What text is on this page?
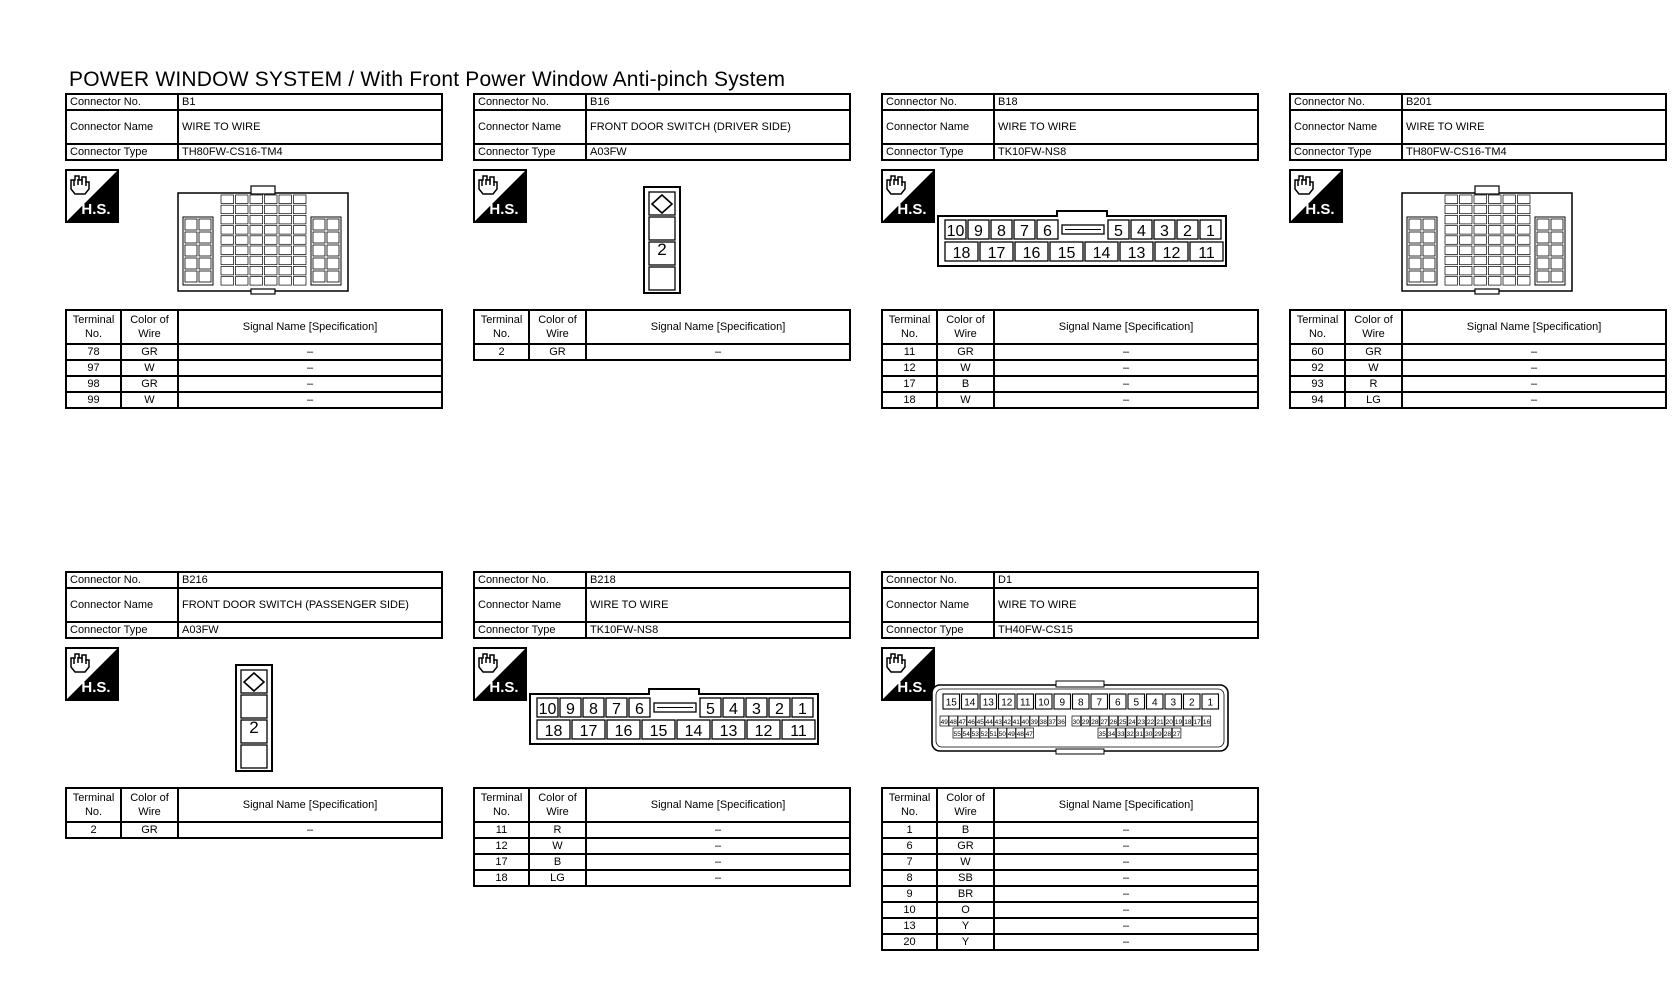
POWER WINDOW SYSTEM / With Front Power Window Anti-pinch System
Connector No.	B1
Connector Name	WIRE TO WIRE
Connector Type	TH80FW-CS16-TM4
H.S.
Terminal No.	Color of Wire	Signal Name [Specification]
78	GR	–
97	W	–
98	GR	–
99	W	–
Connector No.	B16
Connector Name	FRONT DOOR SWITCH (DRIVER SIDE)
Connector Type	A03FW
H.S.
2
Terminal No.	Color of Wire	Signal Name [Specification]
2	GR	–
Connector No.	B18
Connector Name	WIRE TO WIRE
Connector Type	TK10FW-NS8
H.S.
10 9 8 7 6	5 4 3 2 1
18 17 16 15 14 13 12 11
Terminal No.	Color of Wire	Signal Name [Specification]
11	GR	–
12	W	–
17	B	–
18	W	–
Connector No.	B201
Connector Name	WIRE TO WIRE
Connector Type	TH80FW-CS16-TM4
H.S.
Terminal No.	Color of Wire	Signal Name [Specification]
60	GR	–
92	W	–
93	R	–
94	LG	–
Connector No.	B216
Connector Name	FRONT DOOR SWITCH (PASSENGER SIDE)
Connector Type	A03FW
H.S.
2
Terminal No.	Color of Wire	Signal Name [Specification]
2	GR	–
Connector No.	B218
Connector Name	WIRE TO WIRE
Connector Type	TK10FW-NS8
H.S.
10 9 8 7 6	5 4 3 2 1
18 17 16 15 14 13 12 11
Terminal No.	Color of Wire	Signal Name [Specification]
11	R	–
12	W	–
17	B	–
18	LG	–
Connector No.	D1
Connector Name	WIRE TO WIRE
Connector Type	TH40FW-CS15
H.S.
15 14 13 12 11 10 9 8 7 6 5 4 3 2 1
49 48 47 46 45 44 43 42 41 40 39 38 37 36 30 29 28 27 26 25 24 23 22 21 20 19 18 17 16
55 54 53 52 51 50 49 48 47	35 34 33 32 31 30 29 28 27
Terminal No.	Color of Wire	Signal Name [Specification]
1	B	–
6	GR	–
7	W	–
8	SB	–
9	BR	–
10	O	–
13	Y	–
20	Y	–
